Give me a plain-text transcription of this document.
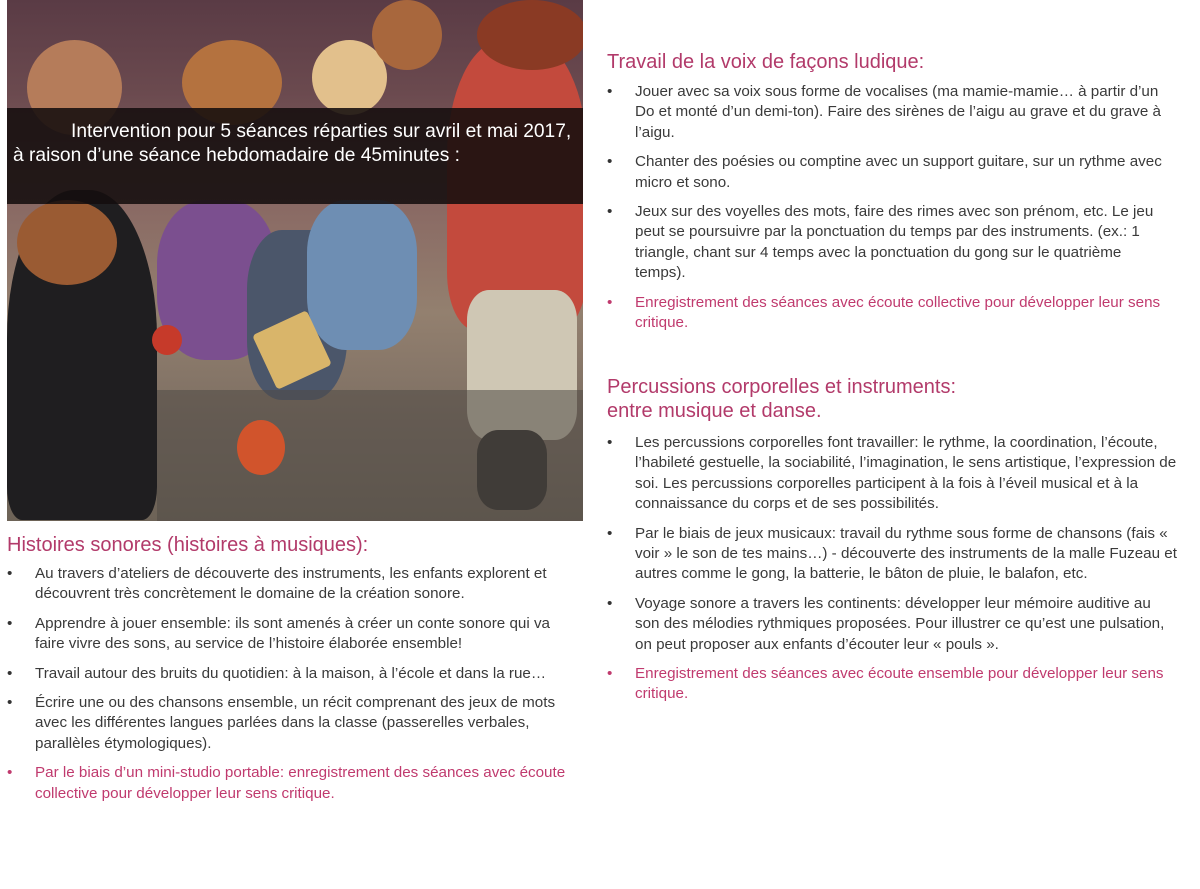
Intervention pour 5 séances réparties sur avril et mai 2017, à raison d’une séance hebdomadaire de 45minutes :
Histoires sonores (histoires à musiques):
• Au travers d’ateliers de découverte des instruments, les enfants explorent et découvrent très concrètement le domaine de la création sonore.
• Apprendre à jouer ensemble: ils sont amenés à créer un conte sonore qui va faire vivre des sons, au service de l’histoire élaborée ensemble!
• Travail autour des bruits du quotidien: à la maison, à l’école et dans la rue…
• Écrire une ou des chansons ensemble, un récit comprenant des jeux de mots avec les différentes langues parlées dans la classe (passerelles verbales, parallèles étymologiques).
• Par le biais d’un mini-studio portable: enregistrement des séances avec écoute collective pour développer leur sens critique.
Travail de la voix de façons ludique:
• Jouer avec sa voix sous forme de vocalises (ma mamie-mamie… à partir d’un Do et monté d’un demi-ton). Faire des sirènes de l’aigu au grave et du grave à l’aigu.
• Chanter des poésies ou comptine avec un support guitare, sur un rythme avec micro et sono.
• Jeux sur des voyelles des mots, faire des rimes avec son prénom, etc. Le jeu peut se poursuivre par la ponctuation du temps par des instruments. (ex.: 1 triangle, chant sur 4 temps avec la ponctuation du gong sur le quatrième temps).
• Enregistrement des séances avec écoute collective pour développer leur sens critique.
Percussions corporelles et instruments:
entre musique et danse.
• Les percussions corporelles font travailler: le rythme, la coordination, l’écoute, l’habileté gestuelle, la sociabilité, l’imagination, le sens artistique, l’expression de soi. Les percussions corporelles participent à la fois à l’éveil musical et à la connaissance du corps et de ses possibilités.
• Par le biais de jeux musicaux: travail du rythme sous forme de chansons (fais « voir » le son de tes mains…) - découverte des instruments de la malle Fuzeau et autres comme le gong, la batterie, le bâton de pluie, le balafon, etc.
• Voyage sonore a travers les continents: développer leur mémoire auditive au son des mélodies rythmiques proposées. Pour illustrer ce qu’est une pulsation, on peut proposer aux enfants d’écouter leur « pouls ».
• Enregistrement des séances avec écoute ensemble pour développer leur sens critique.
